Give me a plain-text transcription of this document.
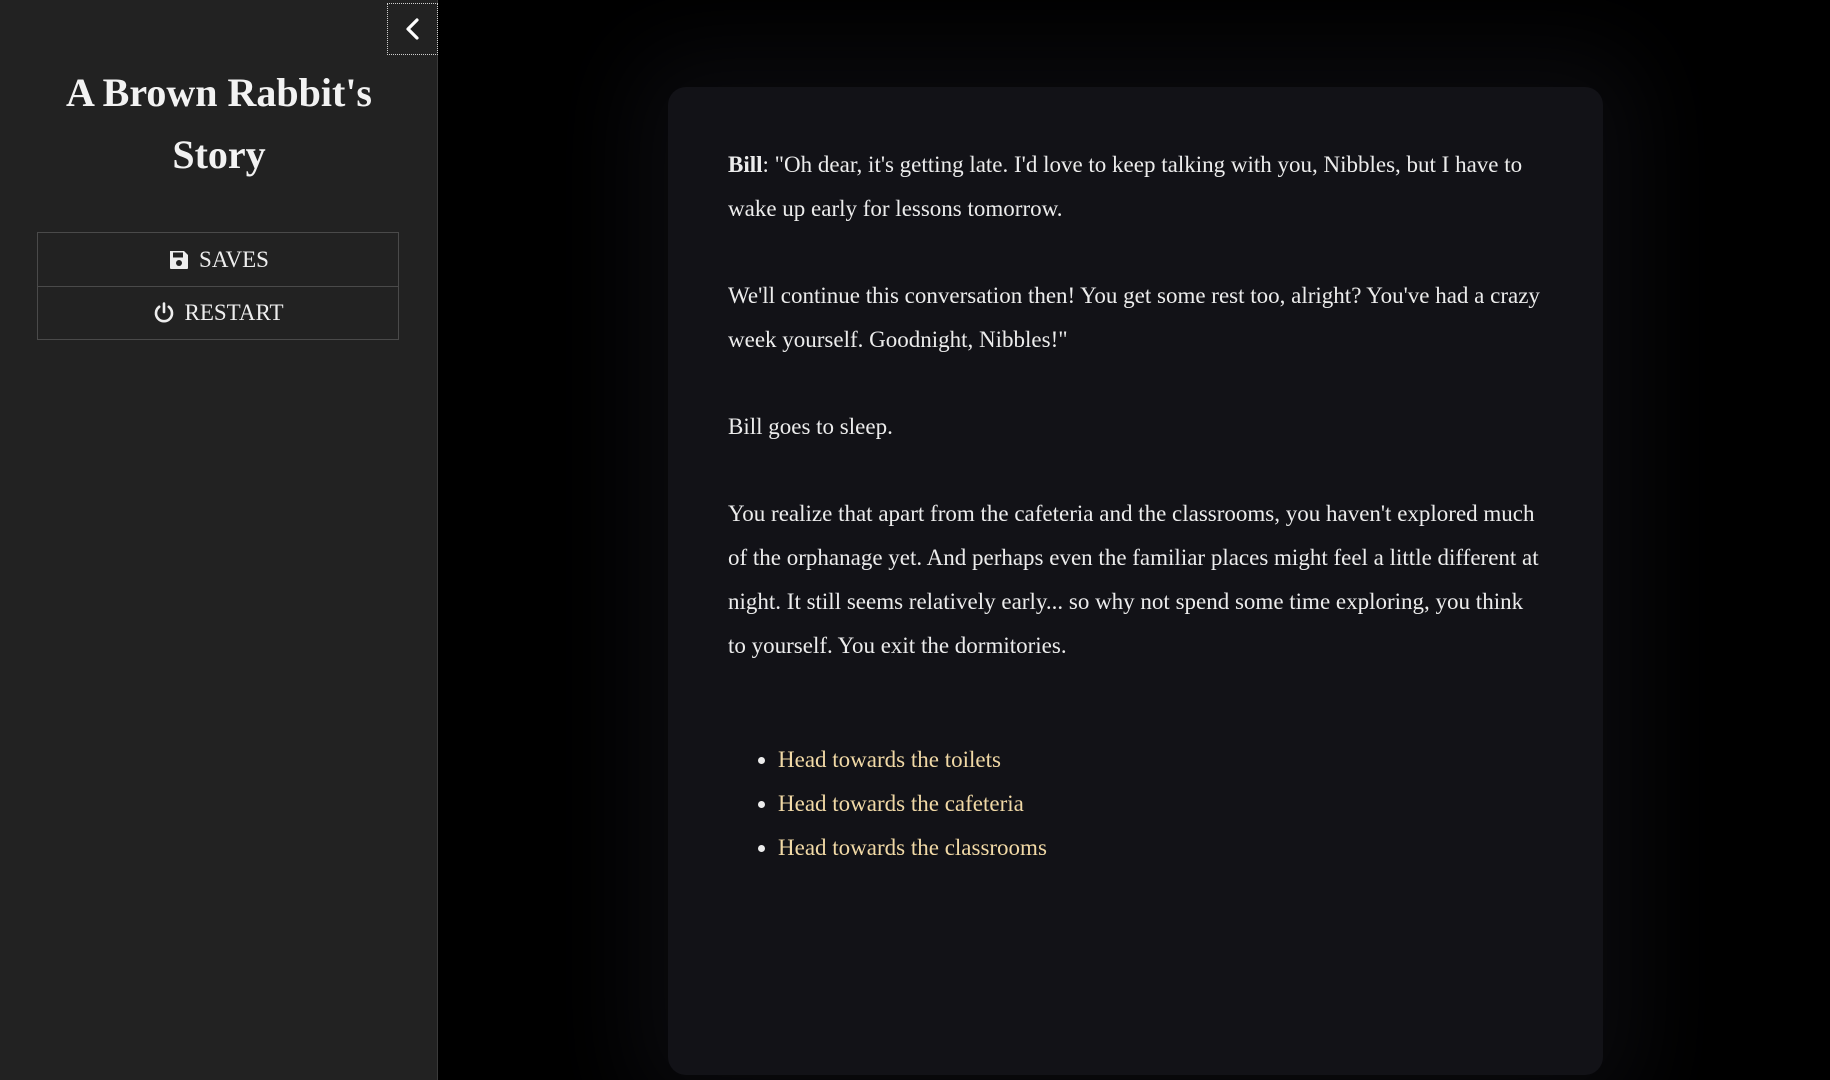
A Brown Rabbit's Story
SAVES
RESTART

Bill: "Oh dear, it's getting late. I'd love to keep talking with you, Nibbles, but I have to wake up early for lessons tomorrow.

We'll continue this conversation then! You get some rest too, alright? You've had a crazy week yourself. Goodnight, Nibbles!"

Bill goes to sleep.

You realize that apart from the cafeteria and the classrooms, you haven't explored much of the orphanage yet. And perhaps even the familiar places might feel a little different at night. It still seems relatively early... so why not spend some time exploring, you think to yourself. You exit the dormitories.

• Head towards the toilets
• Head towards the cafeteria
• Head towards the classrooms
